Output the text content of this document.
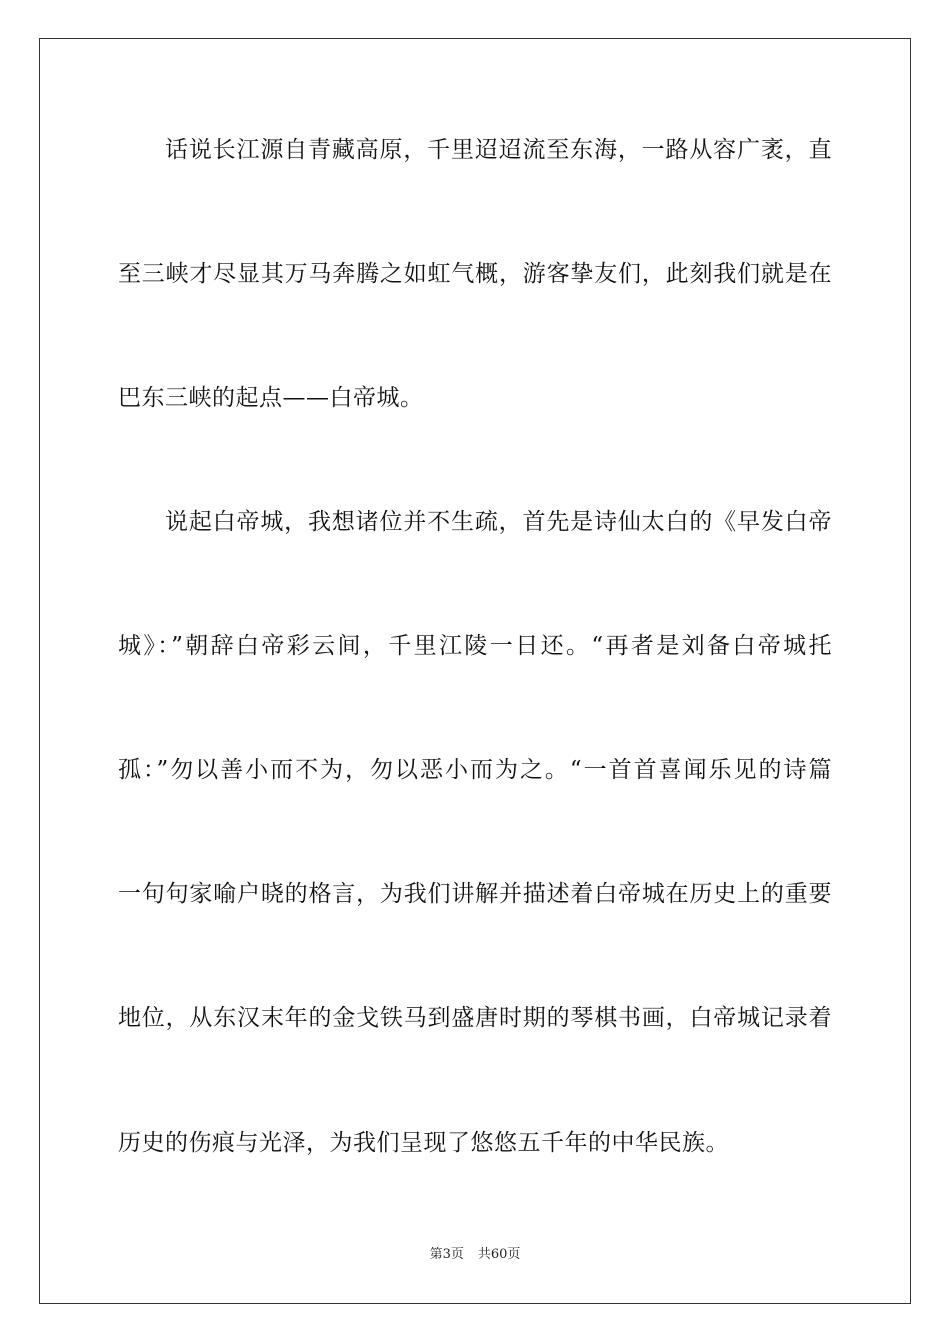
话说长江源自青藏高原，千里迢迢流至东海，一路从容广袤，直
至三峡才尽显其万马奔腾之如虹气概，游客挚友们，此刻我们就是在
巴东三峡的起点——白帝城。
说起白帝城，我想诸位并不生疏，首先是诗仙太白的《早发白帝
城》：”朝辞白帝彩云间，千里江陵一日还。“再者是刘备白帝城托
孤：”勿以善小而不为，勿以恶小而为之。“一首首喜闻乐见的诗篇
一句句家喻户晓的格言，为我们讲解并描述着白帝城在历史上的重要
地位，从东汉末年的金戈铁马到盛唐时期的琴棋书画，白帝城记录着
历史的伤痕与光泽，为我们呈现了悠悠五千年的中华民族。
第3页 共60页
